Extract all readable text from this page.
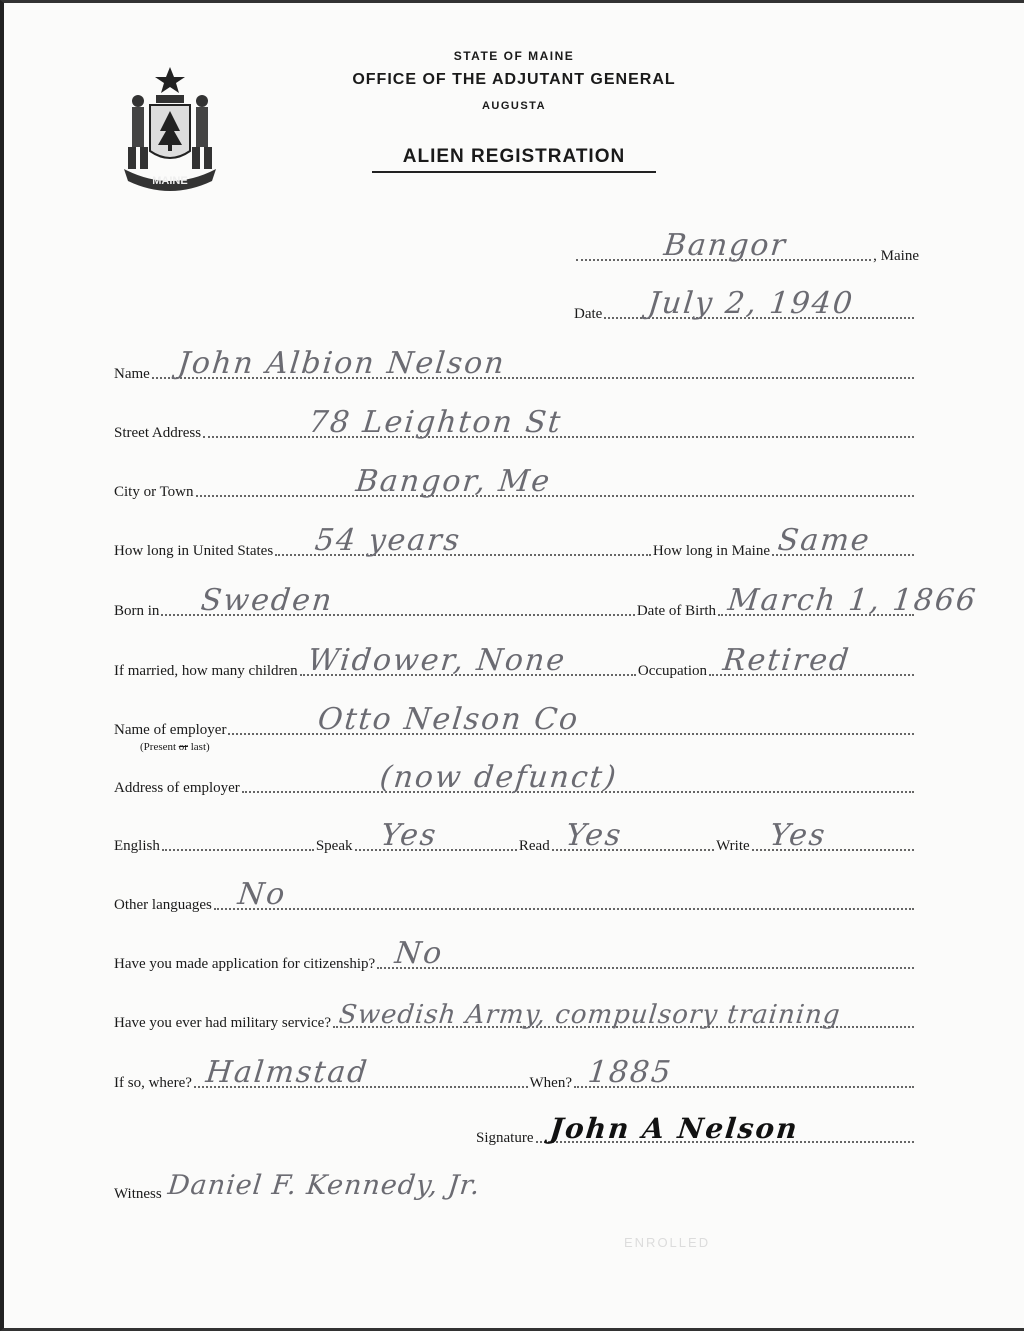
MAINE
STATE OF MAINE
OFFICE OF THE ADJUTANT GENERAL
AUGUSTA
ALIEN REGISTRATION
Bangor	, Maine
Date July 2, 1940
Name John Albion Nelson
Street Address	78 Leighton St
City or Town	Bangor, Me
How long in United States 54 years	How long in Maine Same
Born in Sweden	Date of Birth March 1, 1866
If married, how many children Widower, None	Occupation Retired
Name of employer	Otto Nelson Co
(Present or last)
Address of employer	(now defunct)
English	Speak Yes	Read Yes	Write Yes
Other languages No
Have you made application for citizenship? No
Have you ever had military service? Swedish Army, compulsory training
If so, where? Halmstad	When? 1885
Signature John A Nelson
Witness Daniel F. Kennedy, Jr.
ENROLLED
